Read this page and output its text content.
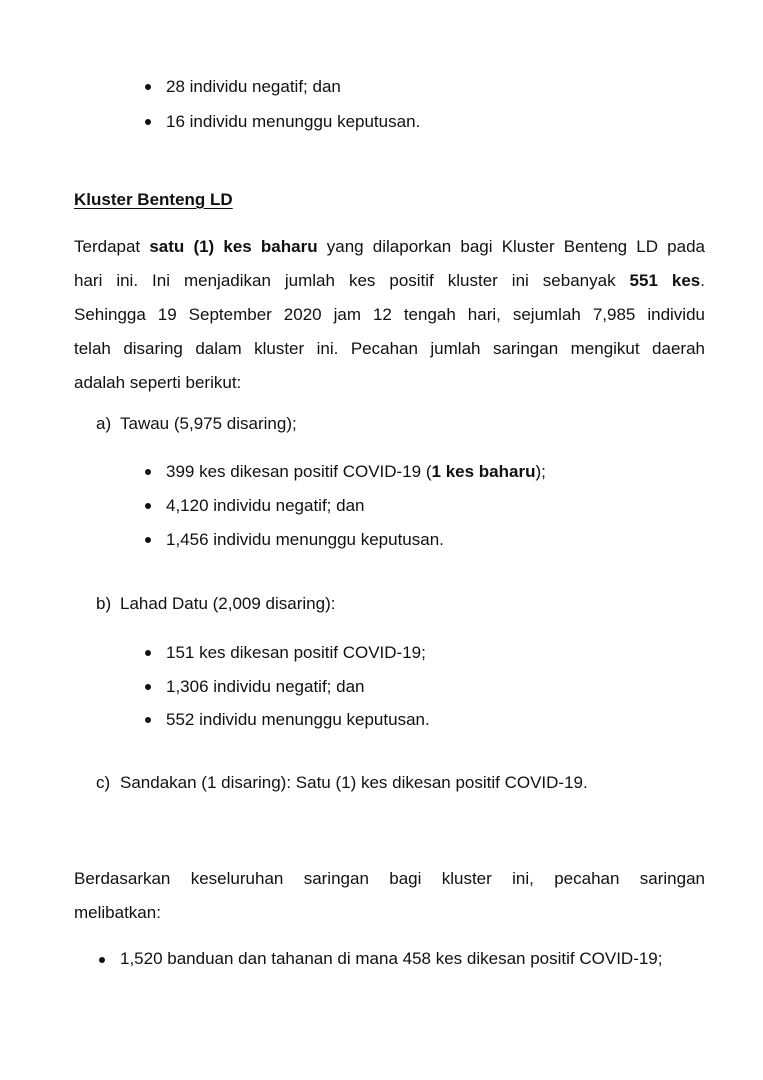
28 individu negatif; dan
16 individu menunggu keputusan.
Kluster Benteng LD
Terdapat satu (1) kes baharu yang dilaporkan bagi Kluster Benteng LD pada
hari ini. Ini menjadikan jumlah kes positif kluster ini sebanyak 551 kes.
Sehingga 19 September 2020 jam 12 tengah hari, sejumlah 7,985 individu
telah disaring dalam kluster ini. Pecahan jumlah saringan mengikut daerah
adalah seperti berikut:
a) Tawau (5,975 disaring);
399 kes dikesan positif COVID-19 (1 kes baharu);
4,120 individu negatif; dan
1,456 individu menunggu keputusan.
b) Lahad Datu (2,009 disaring):
151 kes dikesan positif COVID-19;
1,306 individu negatif; dan
552 individu menunggu keputusan.
c) Sandakan (1 disaring): Satu (1) kes dikesan positif COVID-19.
Berdasarkan keseluruhan saringan bagi kluster ini, pecahan saringan
melibatkan:
1,520 banduan dan tahanan di mana 458 kes dikesan positif COVID-19;
